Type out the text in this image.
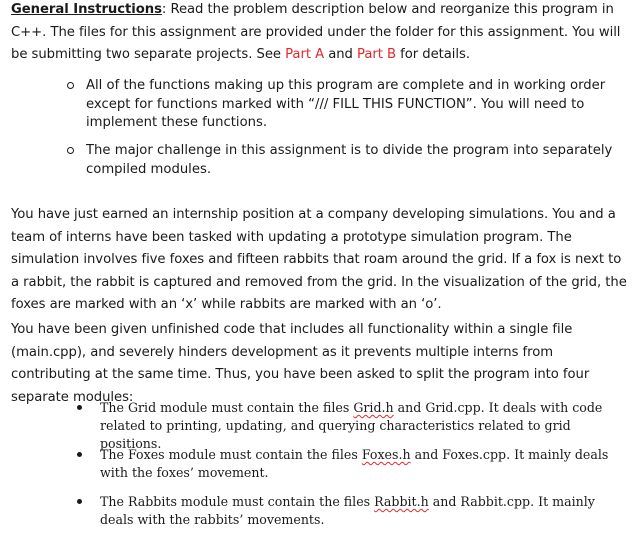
General Instructions: Read the problem description below and reorganize this program in C++. The files for this assignment are provided under the folder for this assignment. You will be submitting two separate projects. See Part A and Part B for details.
All of the functions making up this program are complete and in working order except for functions marked with “/// FILL THIS FUNCTION”. You will need to implement these functions.
The major challenge in this assignment is to divide the program into separately compiled modules.
You have just earned an internship position at a company developing simulations. You and a team of interns have been tasked with updating a prototype simulation program. The simulation involves five foxes and fifteen rabbits that roam around the grid. If a fox is next to a rabbit, the rabbit is captured and removed from the grid. In the visualization of the grid, the foxes are marked with an ‘x’ while rabbits are marked with an ‘o’.
You have been given unfinished code that includes all functionality within a single file (main.cpp), and severely hinders development as it prevents multiple interns from contributing at the same time. Thus, you have been asked to split the program into four separate modules:
The Grid module must contain the files Grid.h and Grid.cpp. It deals with code related to printing, updating, and querying characteristics related to grid positions.
The Foxes module must contain the files Foxes.h and Foxes.cpp. It mainly deals with the foxes’ movement.
The Rabbits module must contain the files Rabbit.h and Rabbit.cpp. It mainly deals with the rabbits’ movements.
